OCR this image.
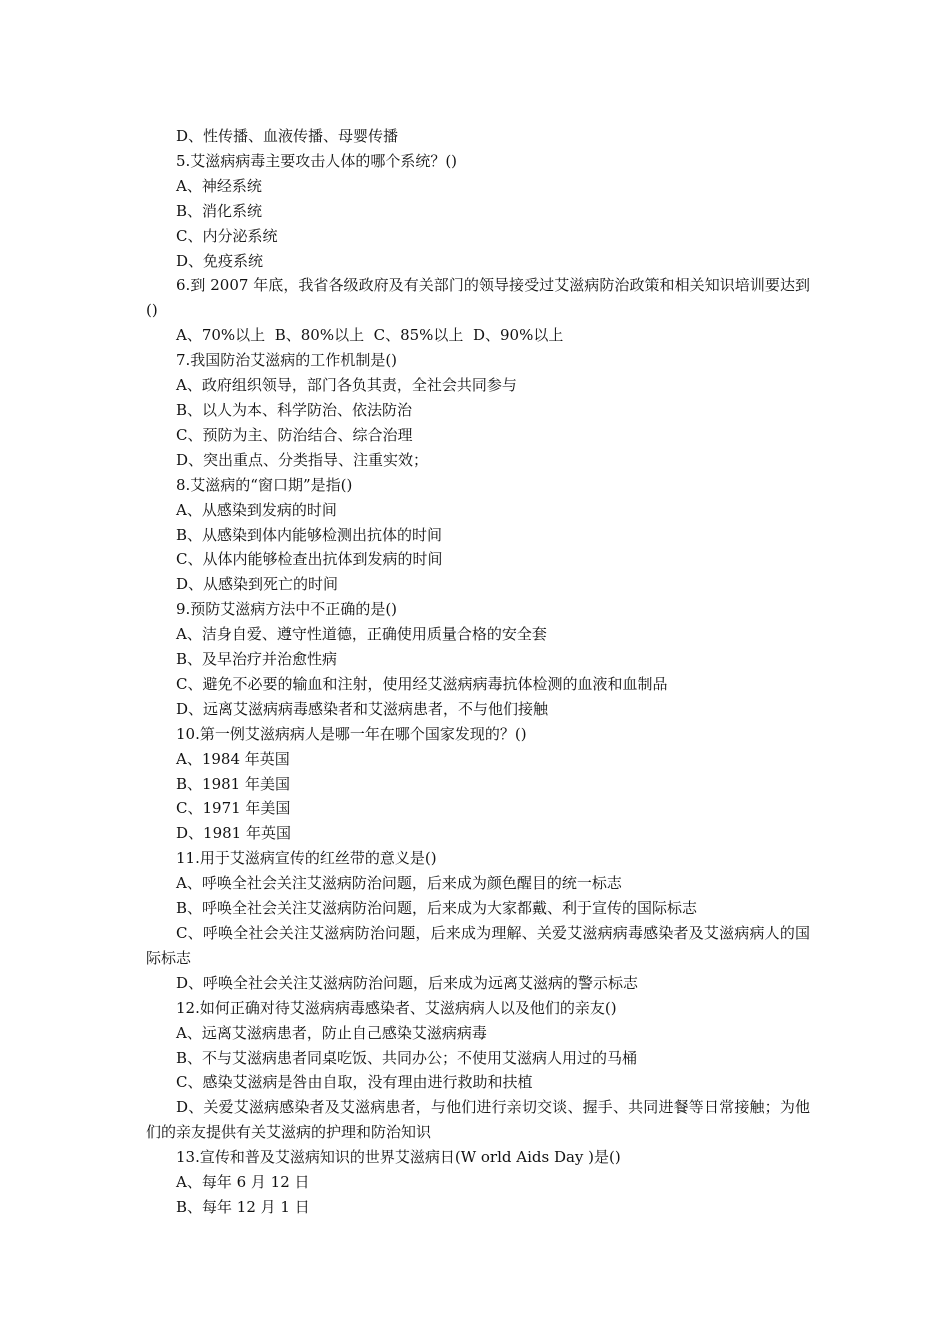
D、性传播、血液传播、母婴传播

5.艾滋病病毒主要攻击人体的哪个系统？()

A、神经系统

B、消化系统

C、内分泌系统

D、免疫系统

6.到 2007 年底，我省各级政府及有关部门的领导接受过艾滋病防治政策和相关知识培训要达到()

A、70%以上  B、80%以上  C、85%以上  D、90%以上

7.我国防治艾滋病的工作机制是()

A、政府组织领导，部门各负其责，全社会共同参与

B、以人为本、科学防治、依法防治

C、预防为主、防治结合、综合治理

D、突出重点、分类指导、注重实效；

8.艾滋病的“窗口期”是指()

A、从感染到发病的时间

B、从感染到体内能够检测出抗体的时间

C、从体内能够检查出抗体到发病的时间

D、从感染到死亡的时间

9.预防艾滋病方法中不正确的是()

A、洁身自爱、遵守性道德，正确使用质量合格的安全套

B、及早治疗并治愈性病

C、避免不必要的输血和注射，使用经艾滋病病毒抗体检测的血液和血制品

D、远离艾滋病病毒感染者和艾滋病患者，不与他们接触

10.第一例艾滋病病人是哪一年在哪个国家发现的？()

A、1984 年英国

B、1981 年美国

C、1971 年美国

D、1981 年英国

11.用于艾滋病宣传的红丝带的意义是()

A、呼唤全社会关注艾滋病防治问题，后来成为颜色醒目的统一标志

B、呼唤全社会关注艾滋病防治问题，后来成为大家都戴、利于宣传的国际标志

C、呼唤全社会关注艾滋病防治问题，后来成为理解、关爱艾滋病病毒感染者及艾滋病病人的国际标志

D、呼唤全社会关注艾滋病防治问题，后来成为远离艾滋病的警示标志

12.如何正确对待艾滋病病毒感染者、艾滋病病人以及他们的亲友()

A、远离艾滋病患者，防止自己感染艾滋病病毒

B、不与艾滋病患者同桌吃饭、共同办公；不使用艾滋病人用过的马桶

C、感染艾滋病是咎由自取，没有理由进行救助和扶植

D、关爱艾滋病感染者及艾滋病患者，与他们进行亲切交谈、握手、共同进餐等日常接触；为他们的亲友提供有关艾滋病的护理和防治知识

13.宣传和普及艾滋病知识的世界艾滋病日(W orld Aids Day )是()

A、每年 6 月 12 日

B、每年 12 月 1 日
